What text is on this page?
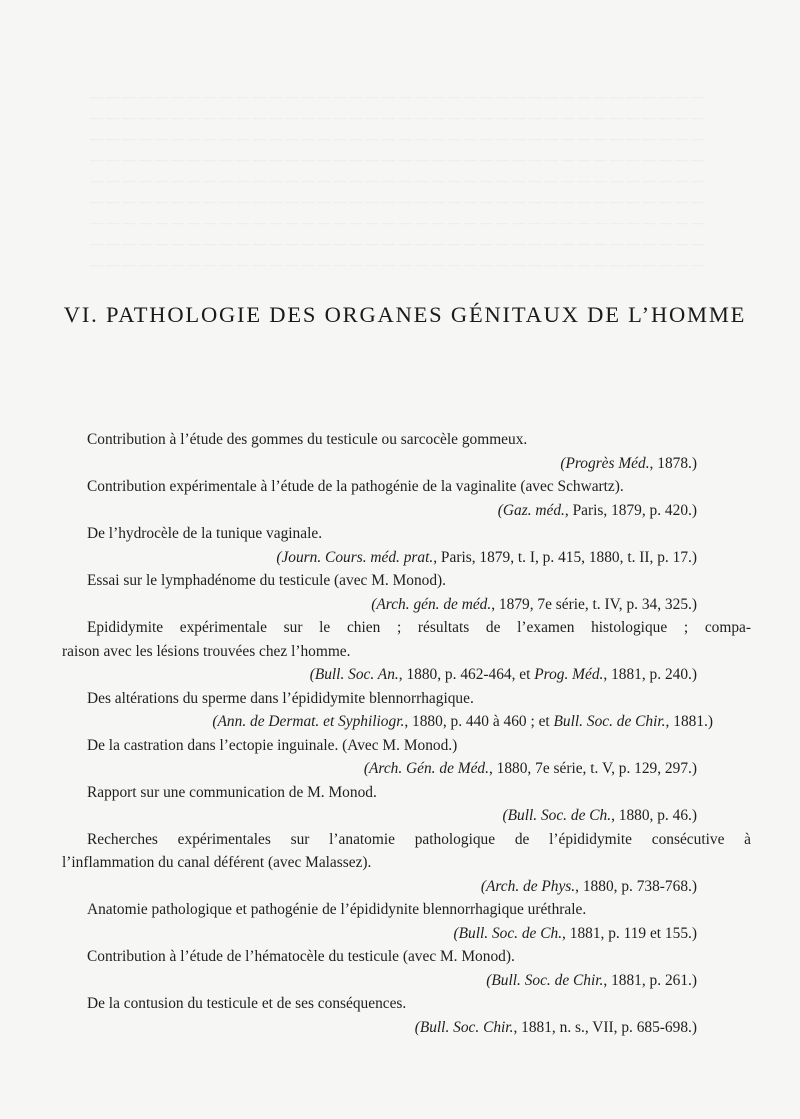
— — — — — — — — — — — — — — — — — — — — — — — — — — — — — — — — — — — — — —
— — — — — — — — — — — — — — — — — — — — — — — — — — — — — — — — — — — — — —
— — — — — — — — — — — — — — — — — — — — — — — — — — — — — — — — — — — — — —
— — — — — — — — — — — — — — — — — — — — — — — — — — — — — — — — — — — — — —
— — — — — — — — — — — — — — — — — — — — — — — — — — — — — — — — — — — — — —
— — — — — — — — — — — — — — — — — — — — — — — — — — — — — — — — — — — — — —
— — — — — — — — — — — — — — — — — — — — — — — — — — — — — — — — — — — — — —
— — — — — — — — — — — — — — — — — — — — — — — — — — — — — — — — — — — — — —
— — — — — — — — — — — — — — — — — — — — — — — — — — — — — — — — — — — — — —
VI. PATHOLOGIE DES ORGANES GÉNITAUX DE L’HOMME
Contribution à l’étude des gommes du testicule ou sarcocèle gommeux.
(Progrès Méd., 1878.)
Contribution expérimentale à l’étude de la pathogénie de la vaginalite (avec Schwartz).
(Gaz. méd., Paris, 1879, p. 420.)
De l’hydrocèle de la tunique vaginale.
(Journ. Cours. méd. prat., Paris, 1879, t. I, p. 415, 1880, t. II, p. 17.)
Essai sur le lymphadénome du testicule (avec M. Monod).
(Arch. gén. de méd., 1879, 7e série, t. IV, p. 34, 325.)
Epididymite expérimentale sur le chien ; résultats de l’examen histologique ; compa-
raison avec les lésions trouvées chez l’homme.
(Bull. Soc. An., 1880, p. 462-464, et Prog. Méd., 1881, p. 240.)
Des altérations du sperme dans l’épididymite blennorrhagique.
(Ann. de Dermat. et Syphiliogr., 1880, p. 440 à 460 ; et Bull. Soc. de Chir., 1881.)
De la castration dans l’ectopie inguinale. (Avec M. Monod.)
(Arch. Gén. de Méd., 1880, 7e série, t. V, p. 129, 297.)
Rapport sur une communication de M. Monod.
(Bull. Soc. de Ch., 1880, p. 46.)
Recherches expérimentales sur l’anatomie pathologique de l’épididymite consécutive à
l’inflammation du canal déférent (avec Malassez).
(Arch. de Phys., 1880, p. 738-768.)
Anatomie pathologique et pathogénie de l’épididynite blennorrhagique uréthrale.
(Bull. Soc. de Ch., 1881, p. 119 et 155.)
Contribution à l’étude de l’hématocèle du testicule (avec M. Monod).
(Bull. Soc. de Chir., 1881, p. 261.)
De la contusion du testicule et de ses conséquences.
(Bull. Soc. Chir., 1881, n. s., VII, p. 685-698.)
